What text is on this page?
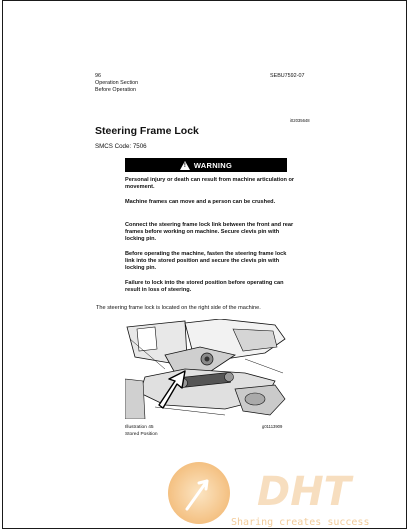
96
Operation Section
Before Operation
SEBU7592-07
i02035648
Steering Frame Lock
SMCS Code: 7506
! WARNING
Personal injury or death can result from machine articulation or movement.
Machine frames can move and a person can be crushed.
Connect the steering frame lock link between the front and rear frames before working on machine. Secure clevis pin with locking pin.
Before operating the machine, fasten the steering frame lock link into the stored position and secure the clevis pin with locking pin.
Failure to lock into the stored position before operating can result in loss of steering.
The steering frame lock is located on the right side of the machine.
Illustration 45
Stored Position
g01113909
DHT
Sharing creates success
